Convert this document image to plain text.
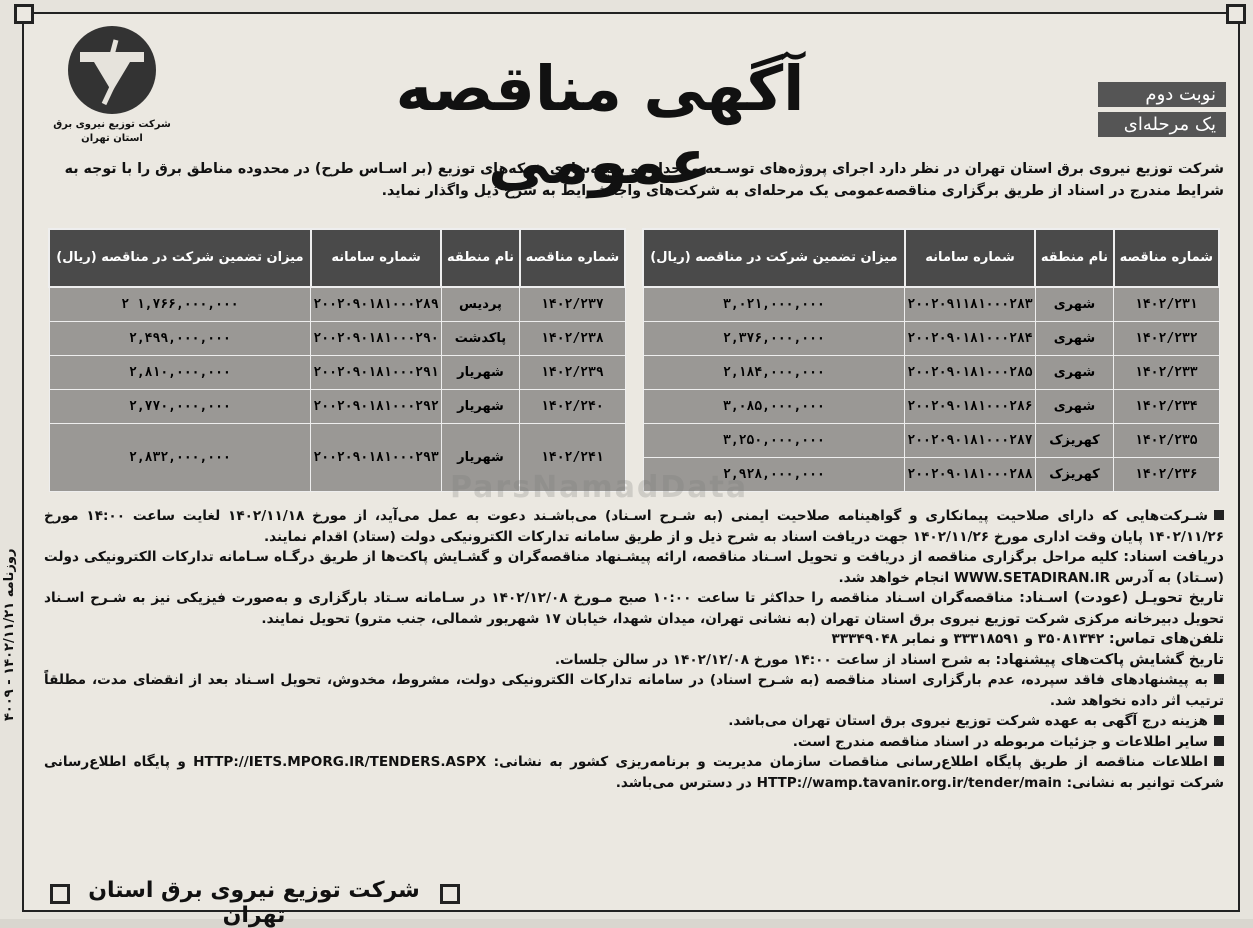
شرکت توزیع نیروی برق
استان تهران
آگهی مناقصه عمومی
نوبت دوم
یک مرحله‌ای
شرکت توزیع نیروی برق استان تهران در نظر دارد اجرای پروژه‌های توسـعه و احداث و بهینه‌سازی شبکه‌های توزیع (بر اسـاس طرح) در محدوده مناطق برق را با توجه به شرایط مندرج در اسناد از طریق برگزاری مناقصه‌عمومی یک مرحله‌ای به شرکت‌های واجدشرایط به شرح ذیل واگذار نماید.
شماره مناقصه	نام منطقه	شماره سامانه	میزان تضمین شرکت در مناقصه (ریال)		شماره مناقصه	نام منطقه	شماره سامانه	میزان تضمین شرکت در مناقصه (ریال)
۱۴۰۲/۲۳۱	شهری	۲۰۰۲۰۹۱۱۸۱۰۰۰۲۸۳	۳,۰۲۱,۰۰۰,۰۰۰		۱۴۰۲/۲۳۷	پردیس	۲۰۰۲۰۹۰۱۸۱۰۰۰۲۸۹	۱,۷۶۶,۰۰۰,۰۰۰ ۲
۱۴۰۲/۲۳۲	شهری	۲۰۰۲۰۹۰۱۸۱۰۰۰۲۸۴	۲,۳۷۶,۰۰۰,۰۰۰		۱۴۰۲/۲۳۸	پاکدشت	۲۰۰۲۰۹۰۱۸۱۰۰۰۲۹۰	۲,۴۹۹,۰۰۰,۰۰۰
۱۴۰۲/۲۳۳	شهری	۲۰۰۲۰۹۰۱۸۱۰۰۰۲۸۵	۲,۱۸۴,۰۰۰,۰۰۰		۱۴۰۲/۲۳۹	شهریار	۲۰۰۲۰۹۰۱۸۱۰۰۰۲۹۱	۲,۸۱۰,۰۰۰,۰۰۰
۱۴۰۲/۲۳۴	شهری	۲۰۰۲۰۹۰۱۸۱۰۰۰۲۸۶	۳,۰۸۵,۰۰۰,۰۰۰		۱۴۰۲/۲۴۰	شهریار	۲۰۰۲۰۹۰۱۸۱۰۰۰۲۹۲	۲,۷۷۰,۰۰۰,۰۰۰
۱۴۰۲/۲۳۵	کهریزک	۲۰۰۲۰۹۰۱۸۱۰۰۰۲۸۷	۳,۲۵۰,۰۰۰,۰۰۰		۱۴۰۲/۲۴۱	شهریار	۲۰۰۲۰۹۰۱۸۱۰۰۰۲۹۳	۲,۸۳۲,۰۰۰,۰۰۰
۱۴۰۲/۲۳۶	کهریزک	۲۰۰۲۰۹۰۱۸۱۰۰۰۲۸۸	۲,۹۲۸,۰۰۰,۰۰۰					
ParsNamadData

شـرکت‌هایی که دارای صلاحیت پیمانکاری و گواهینامه صلاحیت ایمنی (به شـرح اسـناد) می‌باشـند دعوت به عمل می‌آید، از مورخ ۱۴۰۲/۱۱/۱۸ لغایت ساعت ۱۴:۰۰ مورخ ۱۴۰۲/۱۱/۲۶ پایان وقت اداری مورخ ۱۴۰۲/۱۱/۲۶ جهت دریافت اسناد به شرح ذیل و از طریق سامانه تدارکات الکترونیکی دولت (ستاد) اقدام نمایند.

دریافت اسناد: کلیه مراحل برگزاری مناقصه از دریافت و تحویل اسـناد مناقصه، ارائه پیشـنهاد مناقصه‌گران و گشـایش پاکت‌ها از طریق درگـاه سـامانه تدارکات الکترونیکی دولت (سـتاد) به آدرس WWW.SETADIRAN.IR انجام خواهد شد.

تاریخ تحویـل (عودت) اسـناد: مناقصه‌گران اسـناد مناقصه را حداکثر تا ساعت ۱۰:۰۰ صبح مـورخ ۱۴۰۲/۱۲/۰۸ در سـامانه سـتاد بارگزاری و به‌صورت فیزیکی نیز به شـرح اسـناد تحویل دبیرخانه مرکزی شرکت توزیع نیروی برق استان تهران (به نشانی تهران، میدان شهدا، خیابان ۱۷ شهریور شمالی، جنب مترو) تحویل نمایند.

تلفن‌های تماس: ۳۵۰۸۱۳۴۲ و ۳۳۳۱۸۵۹۱ و نمابر ۳۳۳۴۹۰۴۸

تاریخ گشایش پاکت‌های پیشنهاد: به شرح اسناد از ساعت ۱۴:۰۰ مورخ ۱۴۰۲/۱۲/۰۸ در سالن جلسات.

به پیشنهادهای فاقد سپرده، عدم بارگزاری اسناد مناقصه (به شـرح اسناد) در سامانه تدارکات الکترونیکی دولت، مشروط، مخدوش، تحویل اسـناد بعد از انقضای مدت، مطلقاً ترتیب اثر داده نخواهد شد.

هزینه درج آگهی به عهده شرکت توزیع نیروی برق استان تهران می‌باشد.

سایر اطلاعات و جزئیات مربوطه در اسناد مناقصه مندرج است.

اطلاعات مناقصه از طریق پایگاه اطلاع‌رسانی مناقصات سازمان مدیریت و برنامه‌ریزی کشور به نشانی: HTTP://IETS.MPORG.IR/TENDERS.ASPX و پایگاه اطلاع‌رسانی شرکت توانیر به نشانی: HTTP://wamp.tavanir.org.ir/tender/main در دسترس می‌باشد.

روزنامه ۱۴۰۲/۱۱/۲۱ - ۴۰۰۹
شرکت توزیع نیروی برق استان تهران
